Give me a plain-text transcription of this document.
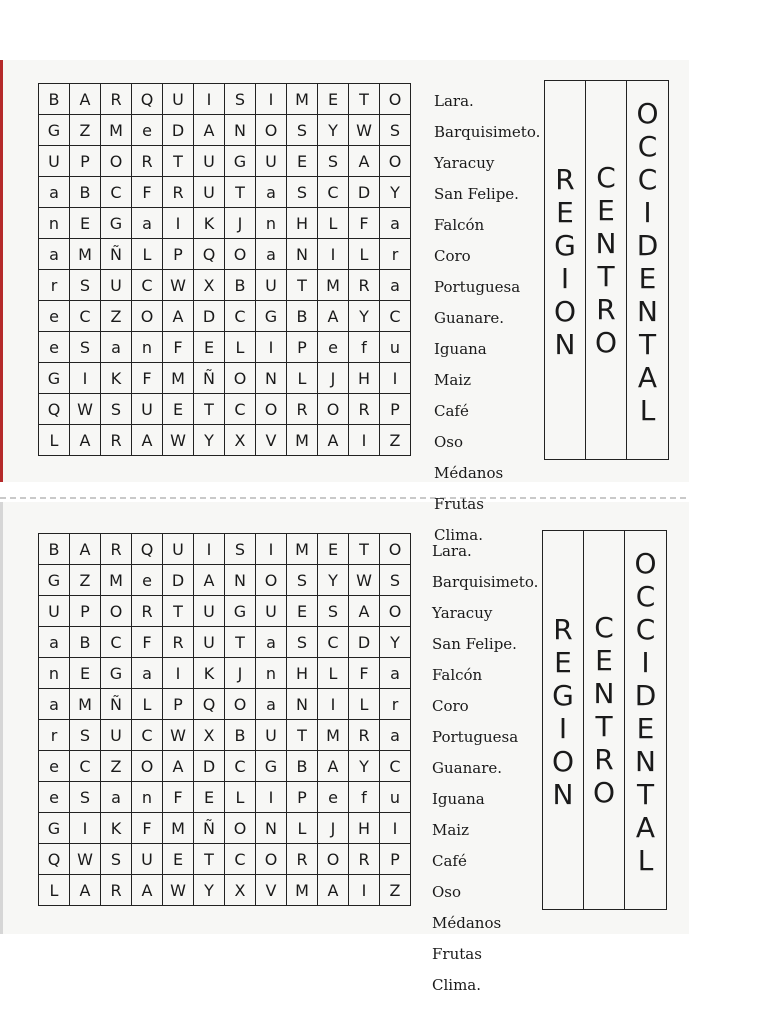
B	A	R	Q	U	I	S	I	M	E	T	O
G	Z	M	e	D	A	N	O	S	Y	W	S
U	P	O	R	T	U	G	U	E	S	A	O
a	B	C	F	R	U	T	a	S	C	D	Y
n	E	G	a	I	K	J	n	H	L	F	a
a	M	Ñ	L	P	Q	O	a	N	I	L	r
r	S	U	C	W	X	B	U	T	M	R	a
e	C	Z	O	A	D	C	G	B	A	Y	C
e	S	a	n	F	E	L	I	P	e	f	u
G	I	K	F	M	Ñ	O	N	L	J	H	I
Q	W	S	U	E	T	C	O	R	O	R	P
L	A	R	A	W	Y	X	V	M	A	I	Z
Lara.
Barquisimeto.
Yaracuy
San Felipe.
Falcón
Coro
Portuguesa
Guanare.
Iguana
Maiz
Café
Oso
Médanos
Frutas
Clima.
R
E
G
I
O
N
C
E
N
T
R
O
O
C
C
I
D
E
N
T
A
L
B	A	R	Q	U	I	S	I	M	E	T	O
G	Z	M	e	D	A	N	O	S	Y	W	S
U	P	O	R	T	U	G	U	E	S	A	O
a	B	C	F	R	U	T	a	S	C	D	Y
n	E	G	a	I	K	J	n	H	L	F	a
a	M	Ñ	L	P	Q	O	a	N	I	L	r
r	S	U	C	W	X	B	U	T	M	R	a
e	C	Z	O	A	D	C	G	B	A	Y	C
e	S	a	n	F	E	L	I	P	e	f	u
G	I	K	F	M	Ñ	O	N	L	J	H	I
Q	W	S	U	E	T	C	O	R	O	R	P
L	A	R	A	W	Y	X	V	M	A	I	Z
Lara.
Barquisimeto.
Yaracuy
San Felipe.
Falcón
Coro
Portuguesa
Guanare.
Iguana
Maiz
Café
Oso
Médanos
Frutas
Clima.
R
E
G
I
O
N
C
E
N
T
R
O
O
C
C
I
D
E
N
T
A
L
